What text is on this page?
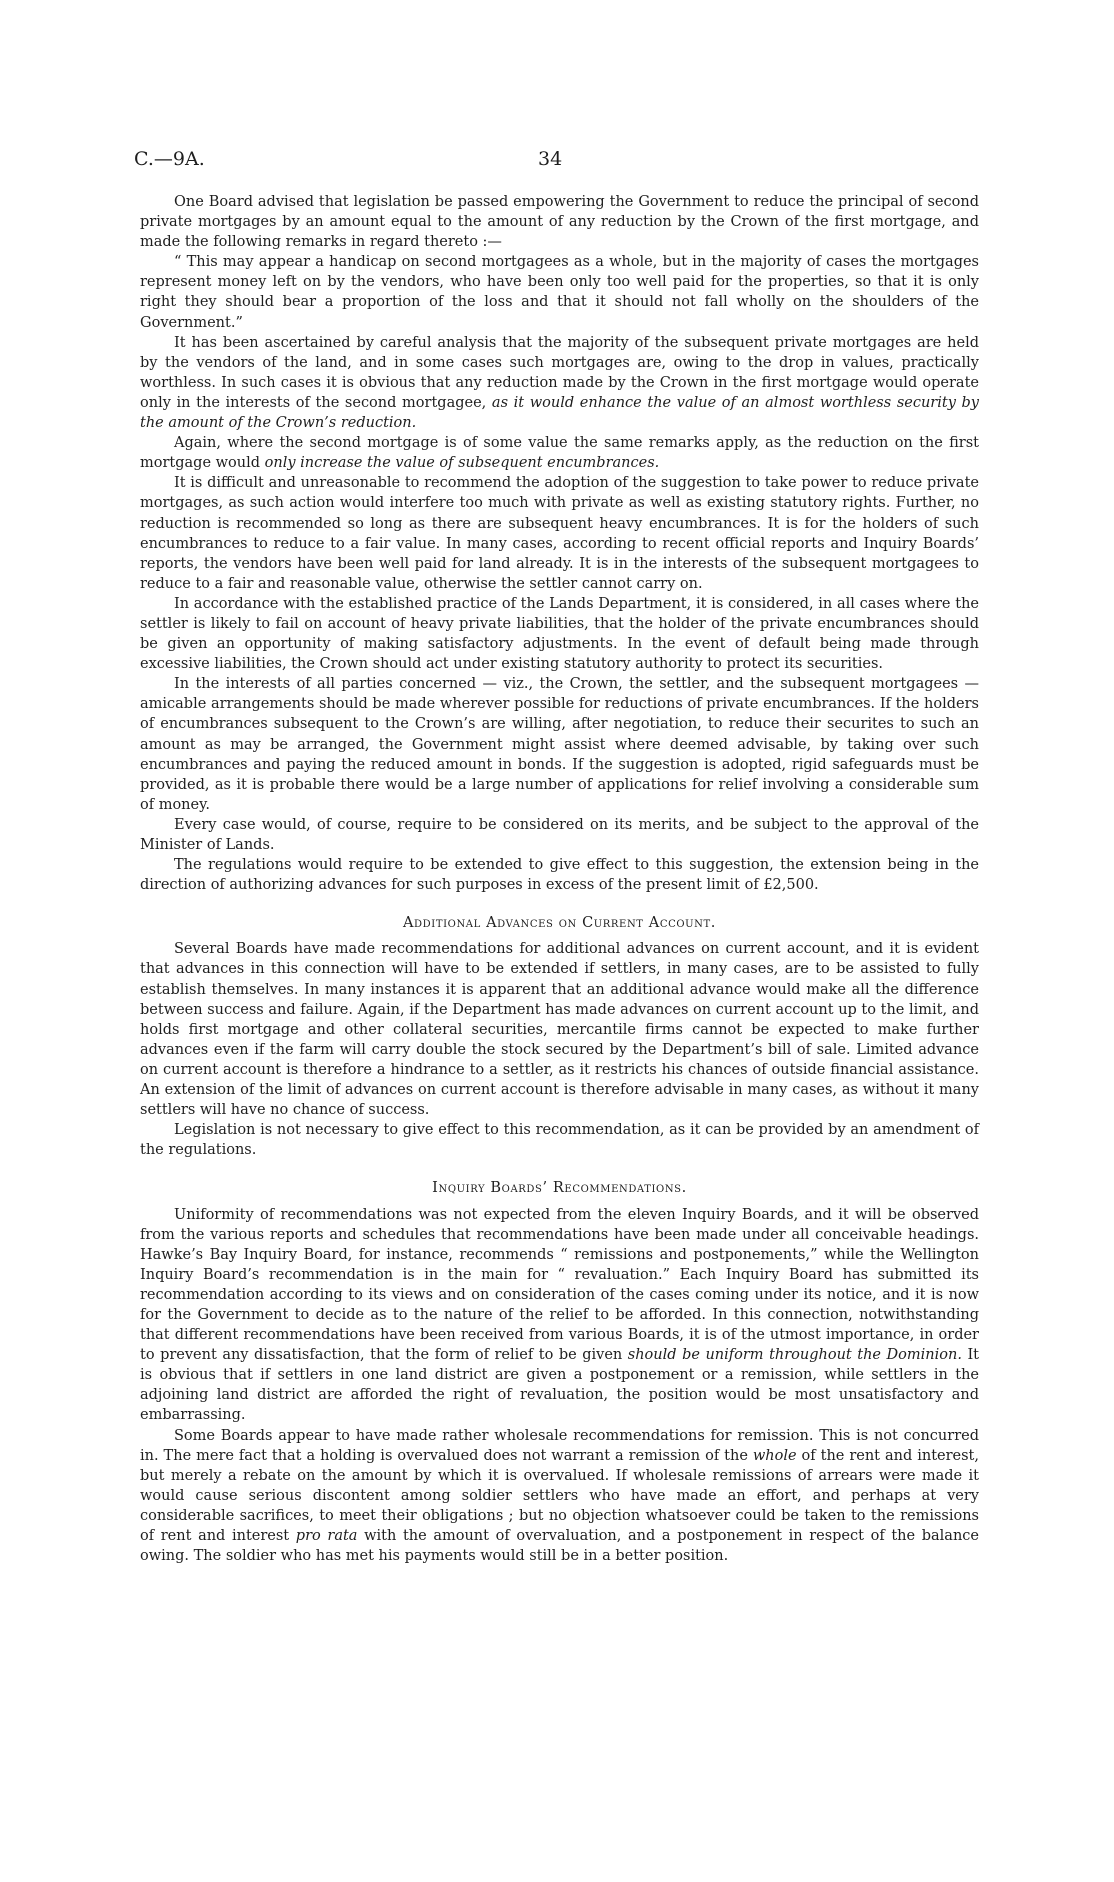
C.—9A.	34

One Board advised that legislation be passed empowering the Government to reduce the principal of second private mortgages by an amount equal to the amount of any reduction by the Crown of the first mortgage, and made the following remarks in regard thereto :—

“ This may appear a handicap on second mortgagees as a whole, but in the majority of cases the mortgages represent money left on by the vendors, who have been only too well paid for the properties, so that it is only right they should bear a proportion of the loss and that it should not fall wholly on the shoulders of the Government.”

It has been ascertained by careful analysis that the majority of the subsequent private mortgages are held by the vendors of the land, and in some cases such mortgages are, owing to the drop in values, practically worthless. In such cases it is obvious that any reduction made by the Crown in the first mortgage would operate only in the interests of the second mortgagee, as it would enhance the value of an almost worthless security by the amount of the Crown’s reduction.

Again, where the second mortgage is of some value the same remarks apply, as the reduction on the first mortgage would only increase the value of subsequent encumbrances.

It is difficult and unreasonable to recommend the adoption of the suggestion to take power to reduce private mortgages, as such action would interfere too much with private as well as existing statutory rights. Further, no reduction is recommended so long as there are subsequent heavy encumbrances. It is for the holders of such encumbrances to reduce to a fair value. In many cases, according to recent official reports and Inquiry Boards’ reports, the vendors have been well paid for land already. It is in the interests of the subsequent mortgagees to reduce to a fair and reasonable value, otherwise the settler cannot carry on.

In accordance with the established practice of the Lands Department, it is considered, in all cases where the settler is likely to fail on account of heavy private liabilities, that the holder of the private encumbrances should be given an opportunity of making satisfactory adjustments. In the event of default being made through excessive liabilities, the Crown should act under existing statutory authority to protect its securities.

In the interests of all parties concerned — viz., the Crown, the settler, and the subsequent mortgagees — amicable arrangements should be made wherever possible for reductions of private encumbrances. If the holders of encumbrances subsequent to the Crown’s are willing, after negotiation, to reduce their securites to such an amount as may be arranged, the Government might assist where deemed advisable, by taking over such encumbrances and paying the reduced amount in bonds. If the suggestion is adopted, rigid safeguards must be provided, as it is probable there would be a large number of applications for relief involving a considerable sum of money.

Every case would, of course, require to be considered on its merits, and be subject to the approval of the Minister of Lands.

The regulations would require to be extended to give effect to this suggestion, the extension being in the direction of authorizing advances for such purposes in excess of the present limit of £2,500.

Additional Advances on Current Account.

Several Boards have made recommendations for additional advances on current account, and it is evident that advances in this connection will have to be extended if settlers, in many cases, are to be assisted to fully establish themselves. In many instances it is apparent that an additional advance would make all the difference between success and failure. Again, if the Department has made advances on current account up to the limit, and holds first mortgage and other collateral securities, mercantile firms cannot be expected to make further advances even if the farm will carry double the stock secured by the Department’s bill of sale. Limited advance on current account is therefore a hindrance to a settler, as it restricts his chances of outside financial assistance. An extension of the limit of advances on current account is therefore advisable in many cases, as without it many settlers will have no chance of success.

Legislation is not necessary to give effect to this recommendation, as it can be provided by an amendment of the regulations.

Inquiry Boards’ Recommendations.

Uniformity of recommendations was not expected from the eleven Inquiry Boards, and it will be observed from the various reports and schedules that recommendations have been made under all conceivable headings. Hawke’s Bay Inquiry Board, for instance, recommends “ remissions and postponements,” while the Wellington Inquiry Board’s recommendation is in the main for “ revaluation.” Each Inquiry Board has submitted its recommendation according to its views and on consideration of the cases coming under its notice, and it is now for the Government to decide as to the nature of the relief to be afforded. In this connection, notwithstanding that different recommendations have been received from various Boards, it is of the utmost importance, in order to prevent any dissatisfaction, that the form of relief to be given should be uniform throughout the Dominion. It is obvious that if settlers in one land district are given a postponement or a remission, while settlers in the adjoining land district are afforded the right of revaluation, the position would be most unsatisfactory and embarrassing.

Some Boards appear to have made rather wholesale recommendations for remission. This is not concurred in. The mere fact that a holding is overvalued does not warrant a remission of the whole of the rent and interest, but merely a rebate on the amount by which it is overvalued. If wholesale remissions of arrears were made it would cause serious discontent among soldier settlers who have made an effort, and perhaps at very considerable sacrifices, to meet their obligations ; but no objection whatsoever could be taken to the remissions of rent and interest pro rata with the amount of overvaluation, and a postponement in respect of the balance owing. The soldier who has met his payments would still be in a better position.
